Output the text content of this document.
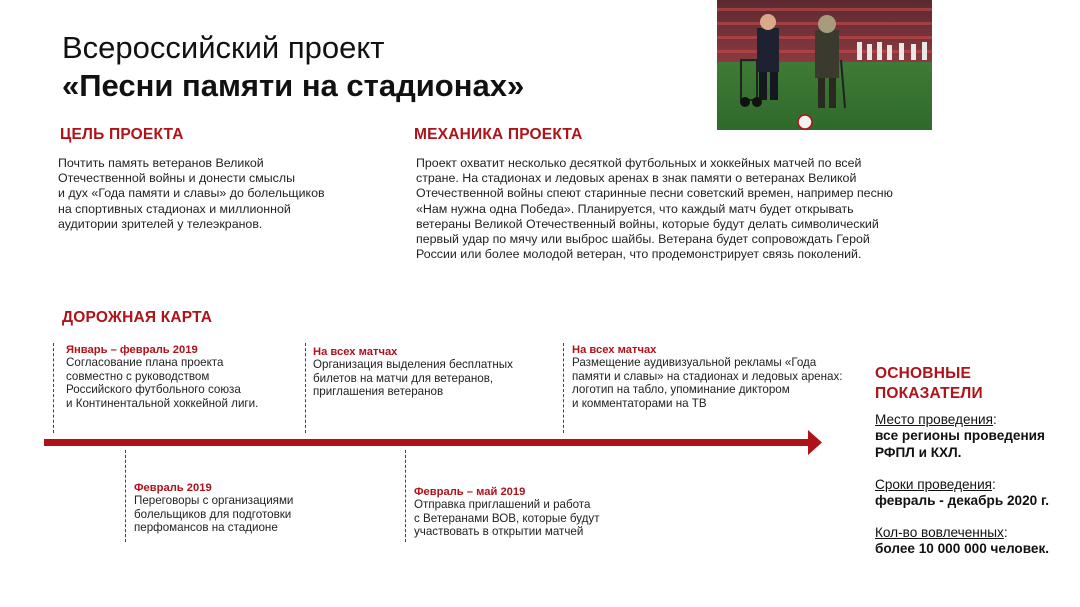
Всероссийский проект
«Песни памяти на стадионах»
ЦЕЛЬ ПРОЕКТА
Почтить память ветеранов Великой
Отечественной войны и донести смыслы
и дух «Года памяти и славы» до болельщиков
на спортивных стадионах и миллионной
аудитории зрителей у телеэкранов.
МЕХАНИКА ПРОЕКТА
Проект охватит несколько десяткой футбольных и хоккейных матчей по всей
стране. На стадионах и ледовых аренах в знак памяти о ветеранах Великой
Отечественной войны спеют старинные песни советский времен, например песню
«Нам нужна одна Победа». Планируется, что каждый матч будет открывать
ветераны Великой Отечественный войны, которые будут делать символический
первый удар по мячу или выброс шайбы. Ветерана будет сопровождать Герой
России или более молодой ветеран, что продемонстрирует связь поколений.
ДОРОЖНАЯ КАРТА
Январь – февраль 2019
Согласование плана проекта
совместно с руководством
Российского футбольного союза
и Континентальной хоккейной лиги.
На всех матчах
Организация выделения бесплатных
билетов на матчи для ветеранов,
приглашения ветеранов
На всех матчах
Размещение аудивизуальной рекламы «Года
памяти и славы» на стадионах и ледовых аренах:
логотип на табло, упоминание диктором
и комментаторами на ТВ
Февраль 2019
Переговоры с организациями
болельщиков для подготовки
перфомансов на стадионе
Февраль – май 2019
Отправка приглашений и работа
с Ветеранами ВОВ, которые будут
участвовать в открытии матчей
ОСНОВНЫЕ
ПОКАЗАТЕЛИ
Место проведения:
все регионы проведения
РФПЛ и КХЛ.
Сроки проведения:
февраль - декабрь 2020 г.
Кол-во вовлеченных:
более 10 000 000 человек.
